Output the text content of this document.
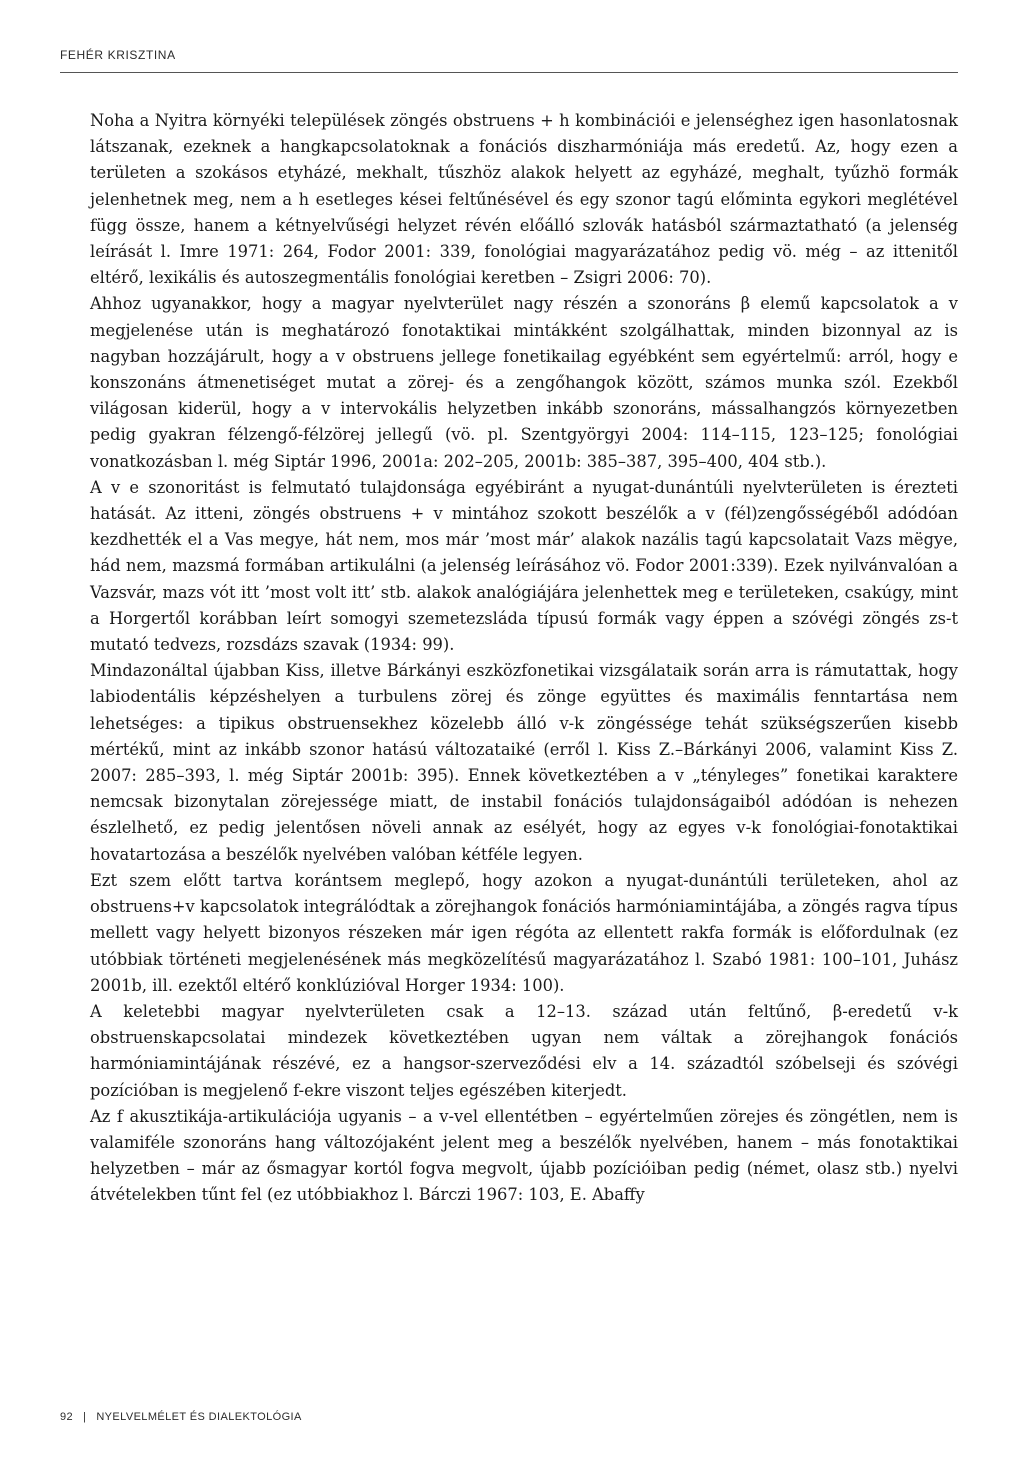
FEHÉR KRISZTINA

Noha a Nyitra környéki települések zöngés obstruens + h kombinációi e jelenséghez igen hasonlatosnak látszanak, ezeknek a hangkapcsolatoknak a fonációs diszharmóniája más eredetű. Az, hogy ezen a területen a szokásos etyházé, mekhalt, tűszhöz alakok helyett az egyházé, meghalt, tyűzhö formák jelenhetnek meg, nem a h esetleges kései feltűnésével és egy szonor tagú előminta egykori meglétével függ össze, hanem a kétnyelvűségi helyzet révén előálló szlovák hatásból származtatható (a jelenség leírását l. Imre 1971: 264, Fodor 2001: 339, fonológiai magyarázatához pedig vö. még – az ittenitől eltérő, lexikális és autoszegmentális fonológiai keretben – Zsigri 2006: 70).

Ahhoz ugyanakkor, hogy a magyar nyelvterület nagy részén a szonoráns β elemű kapcsolatok a v megjelenése után is meghatározó fonotaktikai mintákként szolgálhattak, minden bizonnyal az is nagyban hozzájárult, hogy a v obstruens jellege fonetikailag egyébként sem egyértelmű: arról, hogy e konszonáns átmenetiséget mutat a zörej- és a zengőhangok között, számos munka szól. Ezekből világosan kiderül, hogy a v intervokális helyzetben inkább szonoráns, mássalhangzós környezetben pedig gyakran félzengő-félzörej jellegű (vö. pl. Szentgyörgyi 2004: 114–115, 123–125; fonológiai vonatkozásban l. még Siptár 1996, 2001a: 202–205, 2001b: 385–387, 395–400, 404 stb.).

A v e szonoritást is felmutató tulajdonsága egyébiránt a nyugat-dunántúli nyelvterületen is érezteti hatását. Az itteni, zöngés obstruens + v mintához szokott beszélők a v (fél)zengősségéből adódóan kezdhették el a Vas megye, hát nem, mos már ’most már’ alakok nazális tagú kapcsolatait Vazs mëgye, hád nem, mazsmá formában artikulálni (a jelenség leírásához vö. Fodor 2001:339). Ezek nyilvánvalóan a Vazsvár, mazs vót itt ’most volt itt’ stb. alakok analógiájára jelenhettek meg e területeken, csakúgy, mint a Horgertől korábban leírt somogyi szemetezsláda típusú formák vagy éppen a szóvégi zöngés zs-t mutató tedvezs, rozsdázs szavak (1934: 99).

Mindazonáltal újabban Kiss, illetve Bárkányi eszközfonetikai vizsgálataik során arra is rámutattak, hogy labiodentális képzéshelyen a turbulens zörej és zönge együttes és maximális fenntartása nem lehetséges: a tipikus obstruensekhez közelebb álló v-k zöngéssége tehát szükségszerűen kisebb mértékű, mint az inkább szonor hatású változataiké (erről l. Kiss Z.–Bárkányi 2006, valamint Kiss Z. 2007: 285–393, l. még Siptár 2001b: 395). Ennek következtében a v „tényleges” fonetikai karaktere nemcsak bizonytalan zörejessége miatt, de instabil fonációs tulajdonságaiból adódóan is nehezen észlelhető, ez pedig jelentősen növeli annak az esélyét, hogy az egyes v-k fonológiai-fonotaktikai hovatartozása a beszélők nyelvében valóban kétféle legyen.

Ezt szem előtt tartva korántsem meglepő, hogy azokon a nyugat-dunántúli területeken, ahol az obstruens+v kapcsolatok integrálódtak a zörejhangok fonációs harmóniamintájába, a zöngés ragva típus mellett vagy helyett bizonyos részeken már igen régóta az ellentett rakfa formák is előfordulnak (ez utóbbiak történeti megjelenésének más megközelítésű magyarázatához l. Szabó 1981: 100–101, Juhász 2001b, ill. ezektől eltérő konklúzióval Horger 1934: 100).

A keletebbi magyar nyelvterületen csak a 12–13. század után feltűnő, β-eredetű v-k obstruenskapcsolatai mindezek következtében ugyan nem váltak a zörejhangok fonációs harmóniamintájának részévé, ez a hangsor-szerveződési elv a 14. századtól szóbelseji és szóvégi pozícióban is megjelenő f-ekre viszont teljes egészében kiterjedt.

Az f akusztikája-artikulációja ugyanis – a v-vel ellentétben – egyértelműen zörejes és zöngétlen, nem is valamiféle szonoráns hang változójaként jelent meg a beszélők nyelvében, hanem – más fonotaktikai helyzetben – már az ősmagyar kortól fogva megvolt, újabb pozícióiban pedig (német, olasz stb.) nyelvi átvételekben tűnt fel (ez utóbbiakhoz l. Bárczi 1967: 103, E. Abaffy

92 | NYELVELMÉLET ÉS DIALEKTOLÓGIA
